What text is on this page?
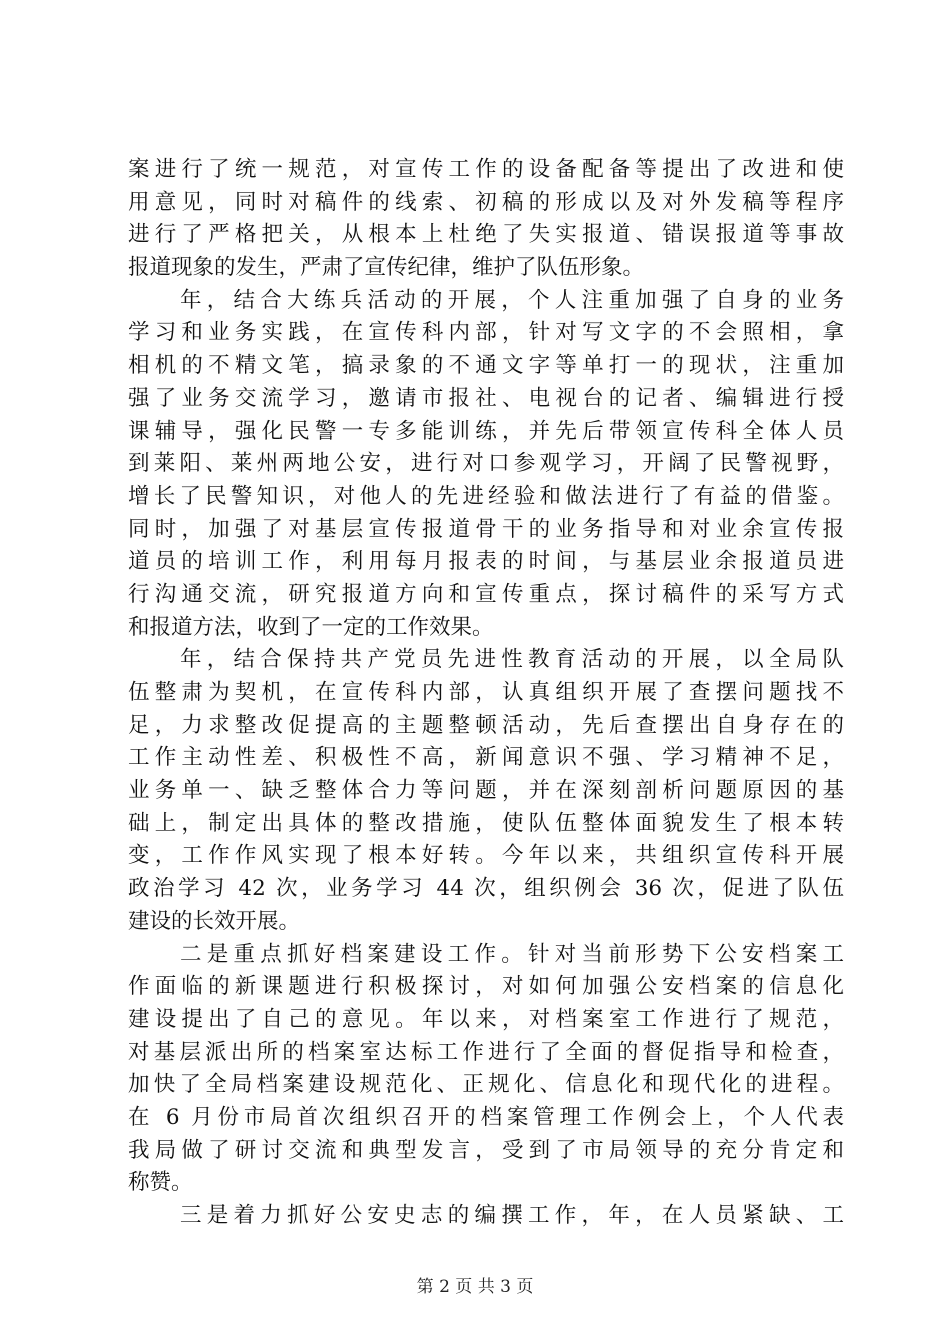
案进行了统一规范，对宣传工作的设备配备等提出了改进和使
用意见，同时对稿件的线索、初稿的形成以及对外发稿等程序
进行了严格把关，从根本上杜绝了失实报道、错误报道等事故
报道现象的发生，严肃了宣传纪律，维护了队伍形象。
年，结合大练兵活动的开展，个人注重加强了自身的业务
学习和业务实践，在宣传科内部，针对写文字的不会照相，拿
相机的不精文笔，搞录象的不通文字等单打一的现状，注重加
强了业务交流学习，邀请市报社、电视台的记者、编辑进行授
课辅导，强化民警一专多能训练，并先后带领宣传科全体人员
到莱阳、莱州两地公安，进行对口参观学习，开阔了民警视野，
增长了民警知识，对他人的先进经验和做法进行了有益的借鉴。
同时，加强了对基层宣传报道骨干的业务指导和对业余宣传报
道员的培训工作，利用每月报表的时间，与基层业余报道员进
行沟通交流，研究报道方向和宣传重点，探讨稿件的采写方式
和报道方法，收到了一定的工作效果。
年，结合保持共产党员先进性教育活动的开展，以全局队
伍整肃为契机，在宣传科内部，认真组织开展了查摆问题找不
足，力求整改促提高的主题整顿活动，先后查摆出自身存在的
工作主动性差、积极性不高，新闻意识不强、学习精神不足，
业务单一、缺乏整体合力等问题，并在深刻剖析问题原因的基
础上，制定出具体的整改措施，使队伍整体面貌发生了根本转
变，工作作风实现了根本好转。今年以来，共组织宣传科开展
政治学习 42 次，业务学习 44 次，组织例会 36 次，促进了队伍
建设的长效开展。
二是重点抓好档案建设工作。针对当前形势下公安档案工
作面临的新课题进行积极探讨，对如何加强公安档案的信息化
建设提出了自己的意见。年以来，对档案室工作进行了规范，
对基层派出所的档案室达标工作进行了全面的督促指导和检查，
加快了全局档案建设规范化、正规化、信息化和现代化的进程。
在 6 月份市局首次组织召开的档案管理工作例会上，个人代表
我局做了研讨交流和典型发言，受到了市局领导的充分肯定和
称赞。
三是着力抓好公安史志的编撰工作，年，在人员紧缺、工
第 2 页 共 3 页
